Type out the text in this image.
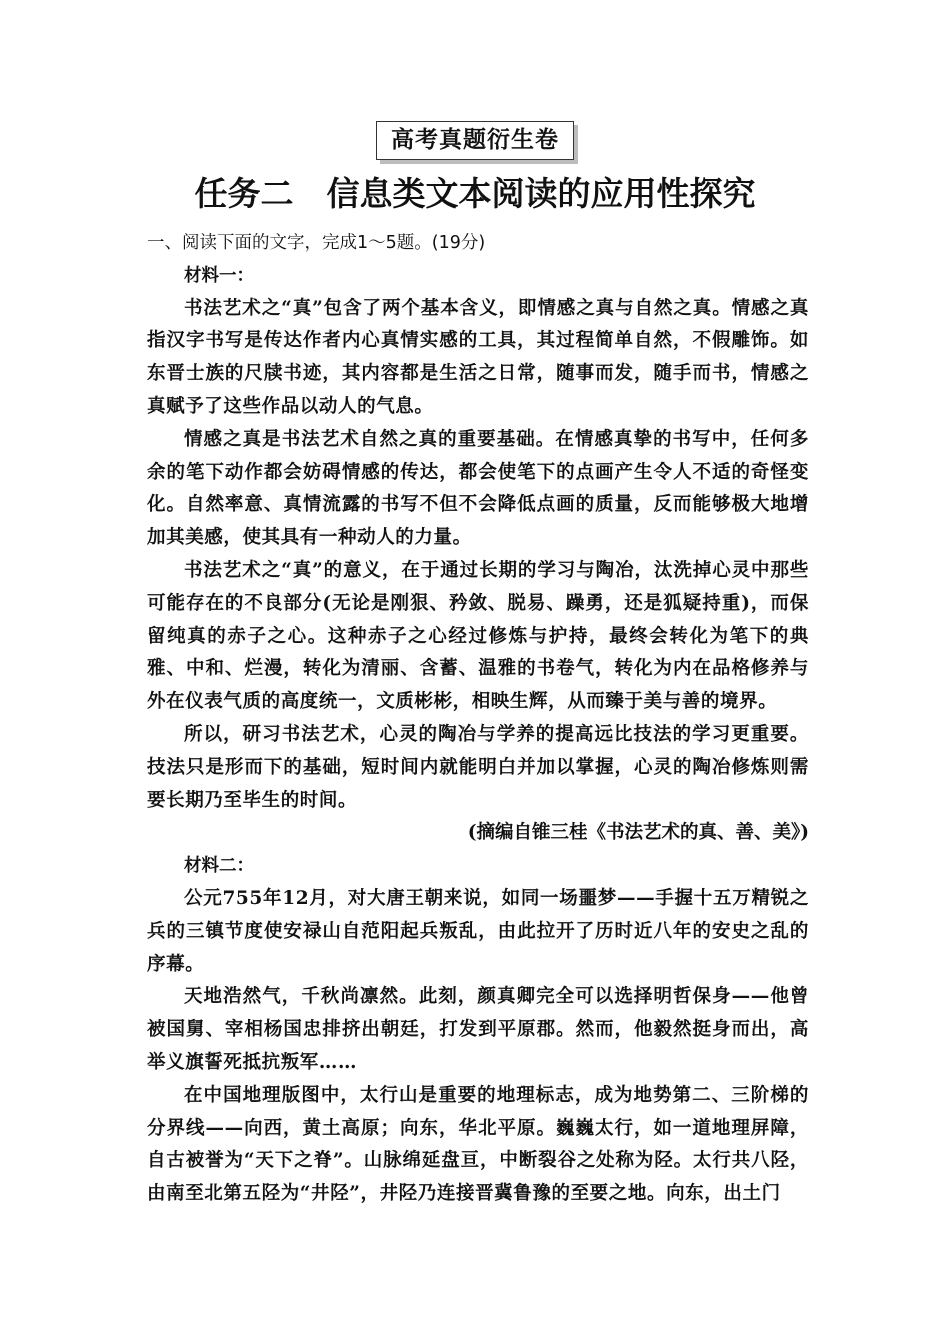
高考真题衍生卷
任务二　信息类文本阅读的应用性探究

一、阅读下面的文字，完成1～5题。(19分)

材料一：

书法艺术之“真”包含了两个基本含义，即情感之真与自然之真。情感之真指汉字书写是传达作者内心真情实感的工具，其过程简单自然，不假雕饰。如东晋士族的尺牍书迹，其内容都是生活之日常，随事而发，随手而书，情感之真赋予了这些作品以动人的气息。

情感之真是书法艺术自然之真的重要基础。在情感真挚的书写中，任何多余的笔下动作都会妨碍情感的传达，都会使笔下的点画产生令人不适的奇怪变化。自然率意、真情流露的书写不但不会降低点画的质量，反而能够极大地增加其美感，使其具有一种动人的力量。

书法艺术之“真”的意义，在于通过长期的学习与陶冶，汰洗掉心灵中那些可能存在的不良部分(无论是刚狠、矜敛、脱易、躁勇，还是狐疑持重)，而保留纯真的赤子之心。这种赤子之心经过修炼与护持，最终会转化为笔下的典雅、中和、烂漫，转化为清丽、含蓄、温雅的书卷气，转化为内在品格修养与外在仪表气质的高度统一，文质彬彬，相映生辉，从而臻于美与善的境界。

所以，研习书法艺术，心灵的陶冶与学养的提高远比技法的学习更重要。技法只是形而下的基础，短时间内就能明白并加以掌握，心灵的陶冶修炼则需要长期乃至毕生的时间。

(摘编自锥三桂《书法艺术的真、善、美》)

材料二：

公元755年12月，对大唐王朝来说，如同一场噩梦——手握十五万精锐之兵的三镇节度使安禄山自范阳起兵叛乱，由此拉开了历时近八年的安史之乱的序幕。

天地浩然气，千秋尚凛然。此刻，颜真卿完全可以选择明哲保身——他曾被国舅、宰相杨国忠排挤出朝廷，打发到平原郡。然而，他毅然挺身而出，高举义旗誓死抵抗叛军……

在中国地理版图中，太行山是重要的地理标志，成为地势第二、三阶梯的分界线——向西，黄土高原；向东，华北平原。巍巍太行，如一道地理屏障，自古被誉为“天下之脊”。山脉绵延盘亘，中断裂谷之处称为陉。太行共八陉，由南至北第五陉为“井陉”，井陉乃连接晋冀鲁豫的至要之地。向东，出土门
